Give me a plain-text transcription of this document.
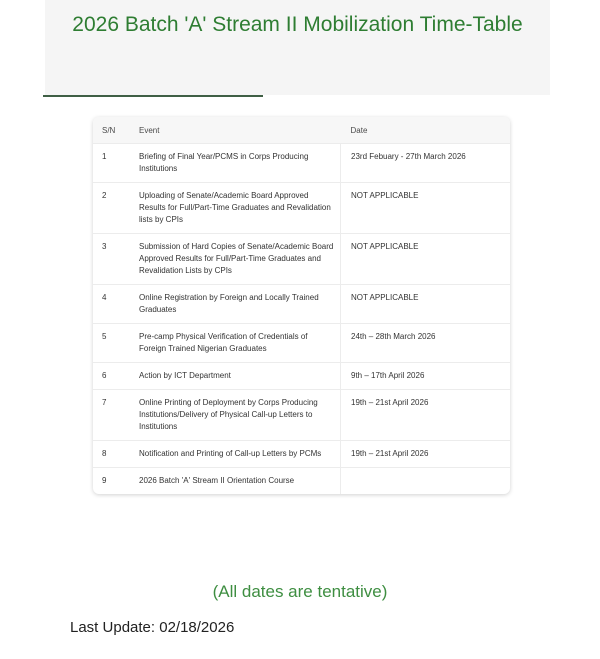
2026 Batch 'A' Stream II Mobilization Time-Table
S/N	Event	Date
1	Briefing of Final Year/PCMS in Corps Producing Institutions	23rd Febuary - 27th March 2026
2	Uploading of Senate/Academic Board Approved Results for Full/Part-Time Graduates and Revalidation lists by CPIs	NOT APPLICABLE
3	Submission of Hard Copies of Senate/Academic Board Approved Results for Full/Part-Time Graduates and Revalidation Lists by CPIs	NOT APPLICABLE
4	Online Registration by Foreign and Locally Trained Graduates	NOT APPLICABLE
5	Pre-camp Physical Verification of Credentials of Foreign Trained Nigerian Graduates	24th – 28th March 2026
6	Action by ICT Department	9th – 17th April 2026
7	Online Printing of Deployment by Corps Producing Institutions/Delivery of Physical Call-up Letters to Institutions	19th – 21st April 2026
8	Notification and Printing of Call-up Letters by PCMs	19th – 21st April 2026
9	2026 Batch 'A' Stream II Orientation Course	
(All dates are tentative)
Last Update: 02/18/2026
